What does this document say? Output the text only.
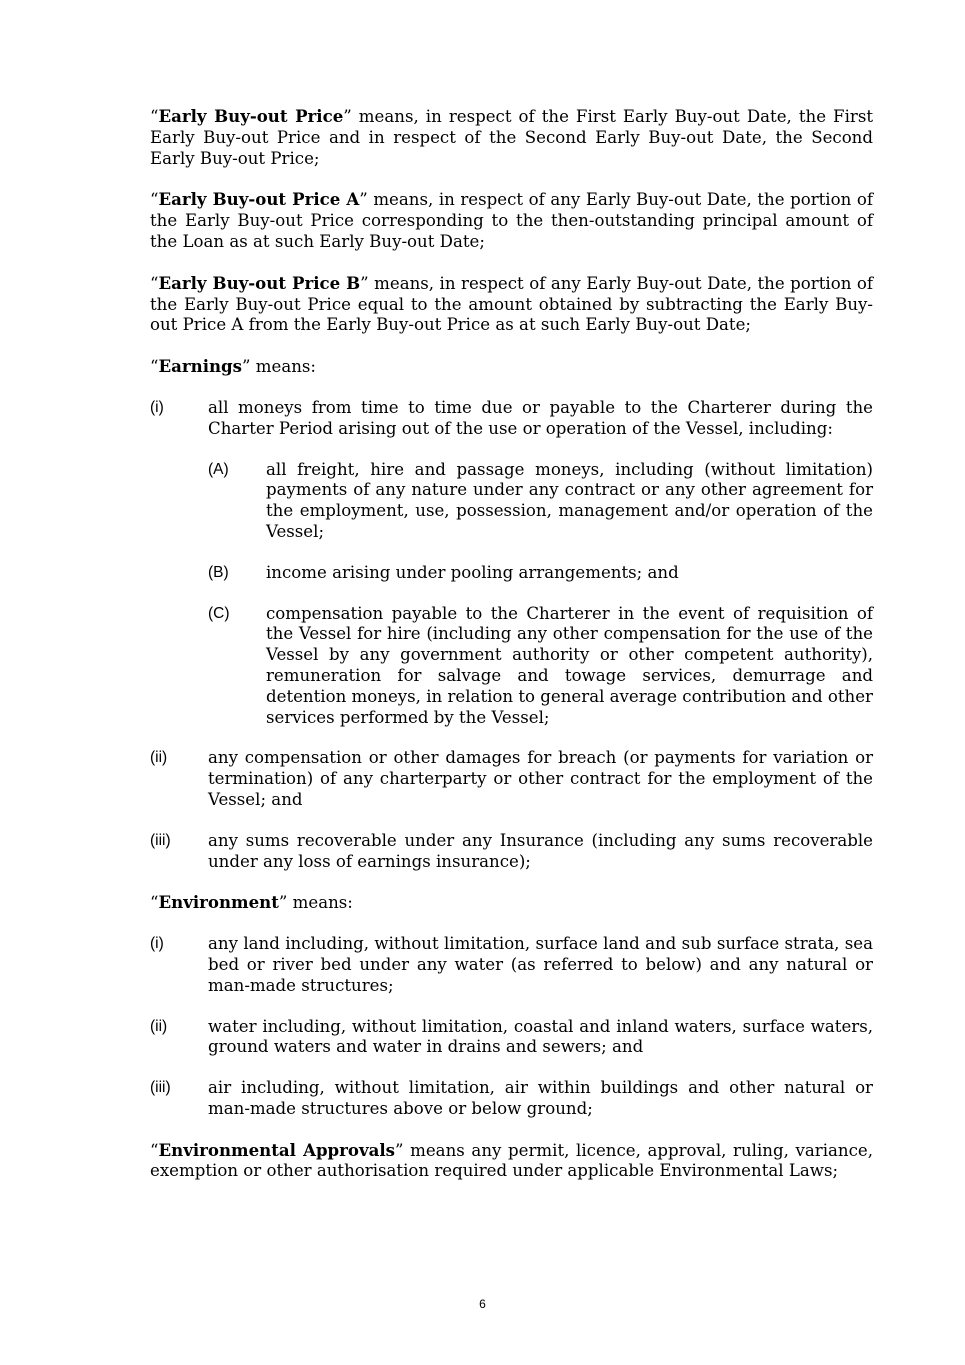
“Early Buy-out Price” means, in respect of the First Early Buy-out Date, the First Early Buy-out Price and in respect of the Second Early Buy-out Date, the Second Early Buy-out Price;

“Early Buy-out Price A” means, in respect of any Early Buy-out Date, the portion of the Early Buy-out Price corresponding to the then-outstanding principal amount of the Loan as at such Early Buy-out Date;

“Early Buy-out Price B” means, in respect of any Early Buy-out Date, the portion of the Early Buy-out Price equal to the amount obtained by subtracting the Early Buy-out Price A from the Early Buy-out Price as at such Early Buy-out Date;

“Earnings” means:

(i)	all moneys from time to time due or payable to the Charterer during the Charter Period arising out of the use or operation of the Vessel, including:
(A) all freight, hire and passage moneys, including (without limitation) payments of any nature under any contract or any other agreement for the employment, use, possession, management and/or operation of the Vessel;
(B) income arising under pooling arrangements; and
(C) compensation payable to the Charterer in the event of requisition of the Vessel for hire (including any other compensation for the use of the Vessel by any government authority or other competent authority), remuneration for salvage and towage services, demurrage and detention moneys, in relation to general average contribution and other services performed by the Vessel;
(ii) any compensation or other damages for breach (or payments for variation or termination) of any charterparty or other contract for the employment of the Vessel; and
(iii) any sums recoverable under any Insurance (including any sums recoverable under any loss of earnings insurance);

“Environment” means:

(i)	any land including, without limitation, surface land and sub surface strata, sea bed or river bed under any water (as referred to below) and any natural or man-made structures;
(ii) water including, without limitation, coastal and inland waters, surface waters, ground waters and water in drains and sewers; and
(iii) air including, without limitation, air within buildings and other natural or man-made structures above or below ground;

“Environmental Approvals” means any permit, licence, approval, ruling, variance, exemption or other authorisation required under applicable Environmental Laws;

6
